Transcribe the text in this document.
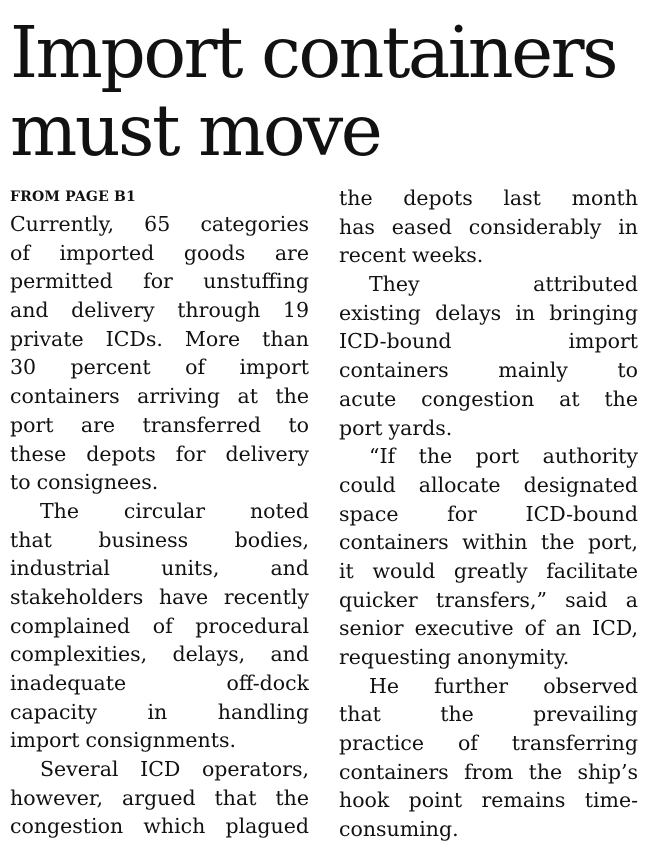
Import containers
must move
FROM PAGE B1
Currently, 65 categories
of imported goods are
permitted for unstuffing
and delivery through 19
private ICDs. More than
30 percent of import
containers arriving at the
port are transferred to
these depots for delivery
to consignees.
The circular noted
that business bodies,
industrial units, and
stakeholders have recently
complained of procedural
complexities, delays, and
inadequate off-dock
capacity in handling
import consignments.
Several ICD operators,
however, argued that the
congestion which plagued
the depots last month
has eased considerably in
recent weeks.
They attributed
existing delays in bringing
ICD-bound import
containers mainly to
acute congestion at the
port yards.
“If the port authority
could allocate designated
space for ICD-bound
containers within the port,
it would greatly facilitate
quicker transfers,” said a
senior executive of an ICD,
requesting anonymity.
He further observed
that the prevailing
practice of transferring
containers from the ship’s
hook point remains time-
consuming.
